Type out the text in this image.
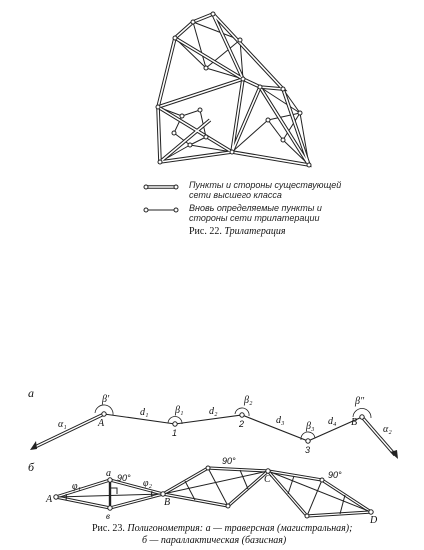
Пункты и стороны существующей
сети высшего класса
Вновь определяемые пункты и
стороны сети трилатерации
Рис. 22. Трилатерация
а
A
1
2
3
B
β′
β₁
β₂
β₃
β″
α₁	α₂
d₁	d₂
d₃	d₄
б
A
a
в
B
C
D
φ₁	φ₂
90°
90°
90°
Рис. 23. Полигонометрия: а — траверсная (магистральная);
б — параллактическая (базисная)
